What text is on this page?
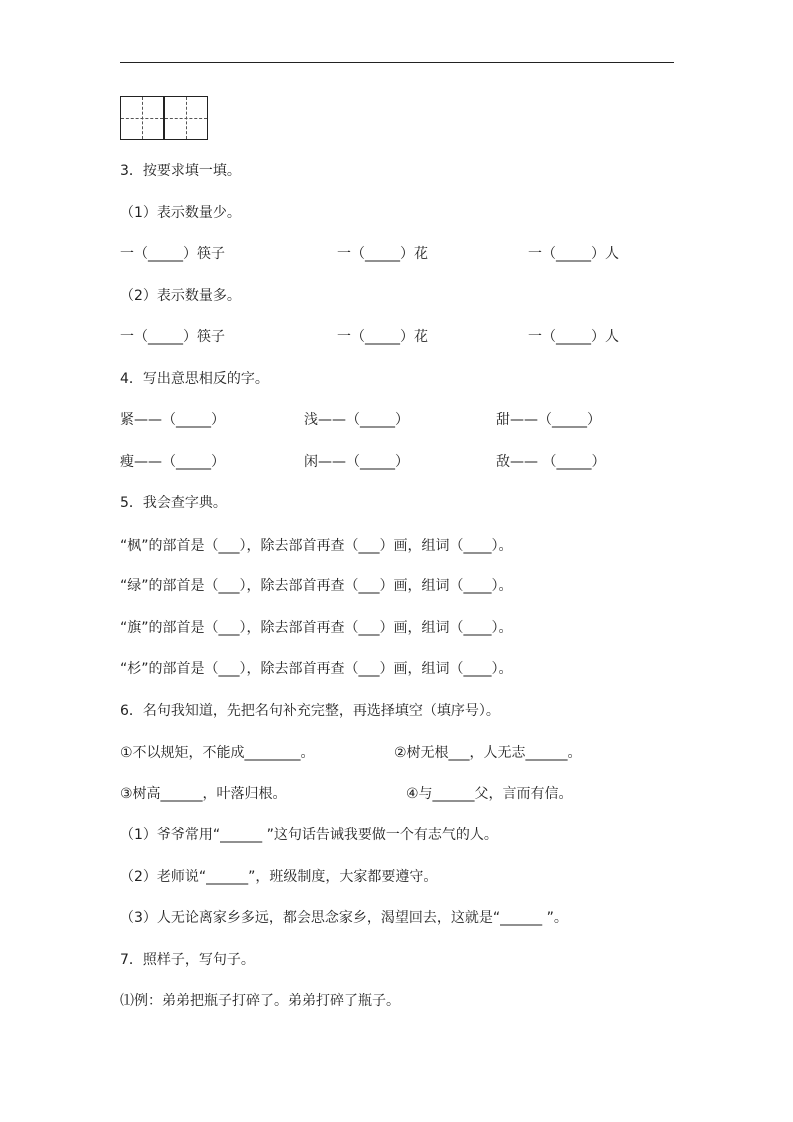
3．按要求填一填。
（1）表示数量少。
一（_____）筷子	一（_____）花	一（_____）人
（2）表示数量多。
一（_____）筷子	一（_____）花	一（_____）人
4．写出意思相反的字。
紧——（_____）	浅——（_____）	甜——（_____）
瘦——（_____）	闲——（_____）	敌—— （_____）
5．我会查字典。
“枫”的部首是（___），除去部首再查（___）画，组词（____）。
“绿”的部首是（___），除去部首再查（___）画，组词（____）。
“旗”的部首是（___），除去部首再查（___）画，组词（____）。
“杉”的部首是（___），除去部首再查（___）画，组词（____）。
6．名句我知道，先把名句补充完整，再选择填空（填序号）。
①不以规矩，不能成________。	②树无根___，人无志______。
③树高______，叶落归根。	④与______父，言而有信。
（1）爷爷常用“______ ”这句话告诫我要做一个有志气的人。
（2）老师说“______”，班级制度，大家都要遵守。
（3）人无论离家乡多远，都会思念家乡，渴望回去，这就是“______ ”。
7．照样子，写句子。
⑴例：弟弟把瓶子打碎了。弟弟打碎了瓶子。
